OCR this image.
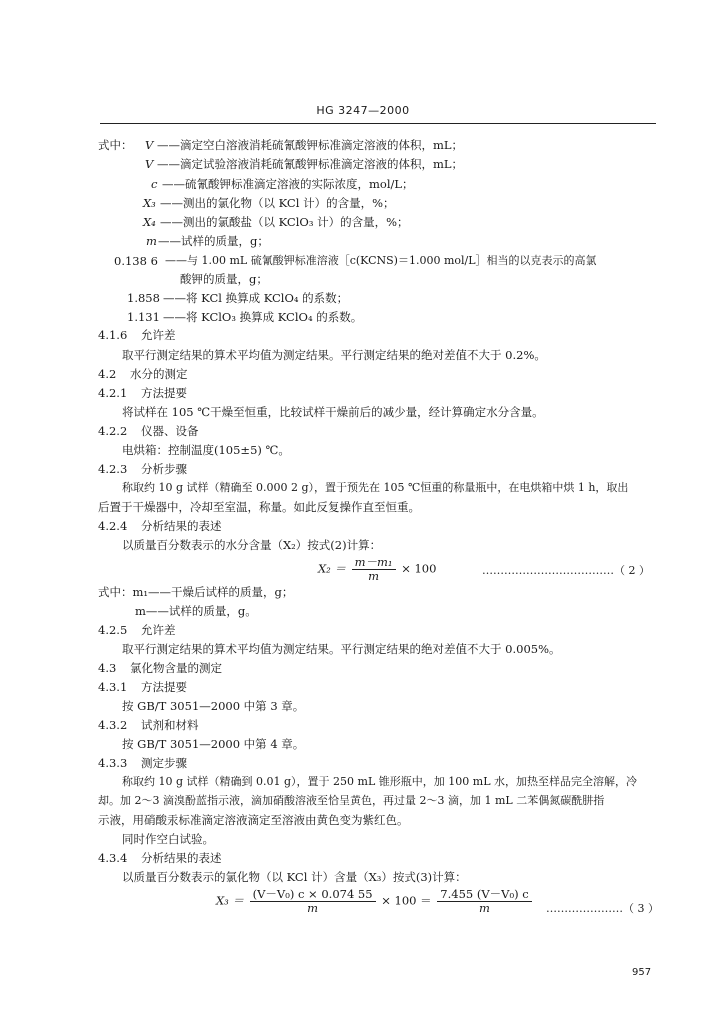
HG 3247—2000
式中： V ——滴定空白溶液消耗硫氰酸钾标准滴定溶液的体积，mL；
V ——滴定试验溶液消耗硫氰酸钾标准滴定溶液的体积，mL；
c ——硫氰酸钾标准滴定溶液的实际浓度，mol/L；
X₃ ——测出的氯化物（以 KCl 计）的含量，%；
X₄ ——测出的氯酸盐（以 KClO₃ 计）的含量，%；
m ——试样的质量，g；
0.138 6 ——与 1.00 mL 硫氰酸钾标准溶液［c(KCNS)＝1.000 mol/L］相当的以克表示的高氯
酸钾的质量，g；
1.858 ——将 KCl 换算成 KClO₄ 的系数；
1.131 ——将 KClO₃ 换算成 KClO₄ 的系数。
4.1.6 允许差
取平行测定结果的算术平均值为测定结果。平行测定结果的绝对差值不大于 0.2%。
4.2 水分的测定
4.2.1 方法提要
将试样在 105 ℃干燥至恒重，比较试样干燥前后的减少量，经计算确定水分含量。
4.2.2 仪器、设备
电烘箱：控制温度(105±5) ℃。
4.2.3 分析步骤
称取约 10 g 试样（精确至 0.000 2 g），置于预先在 105 ℃恒重的称量瓶中，在电烘箱中烘 1 h，取出
后置于干燥器中，冷却至室温，称量。如此反复操作直至恒重。
4.2.4 分析结果的表述
以质量百分数表示的水分含量（X₂）按式(2)计算：
$X_2 = \frac{\text{m－m₁}}{m} \times 100$	………………………………（ 2 ）
式中：m₁——干燥后试样的质量，g；
m——试样的质量，g。
4.2.5 允许差
取平行测定结果的算术平均值为测定结果。平行测定结果的绝对差值不大于 0.005%。
4.3 氯化物含量的测定
4.3.1 方法提要
按 GB/T 3051—2000 中第 3 章。
4.3.2 试剂和材料
按 GB/T 3051—2000 中第 4 章。
4.3.3 测定步骤
称取约 10 g 试样（精确到 0.01 g），置于 250 mL 锥形瓶中，加 100 mL 水，加热至样品完全溶解，冷
却。加 2～3 滴溴酚蓝指示液，滴加硝酸溶液至恰呈黄色，再过量 2～3 滴，加 1 mL 二苯偶氮碳酰肼指
示液，用硝酸汞标准滴定溶液滴定至溶液由黄色变为紫红色。
同时作空白试验。
4.3.4 分析结果的表述
以质量百分数表示的氯化物（以 KCl 计）含量（X₃）按式(3)计算：
$X_3 = \frac{\text{(V－V₀) c × 0.074 55}}{m} \times 100 = \frac{\text{7.455 (V－V₀) c}}{m}$ …………………（ 3 ）
957
